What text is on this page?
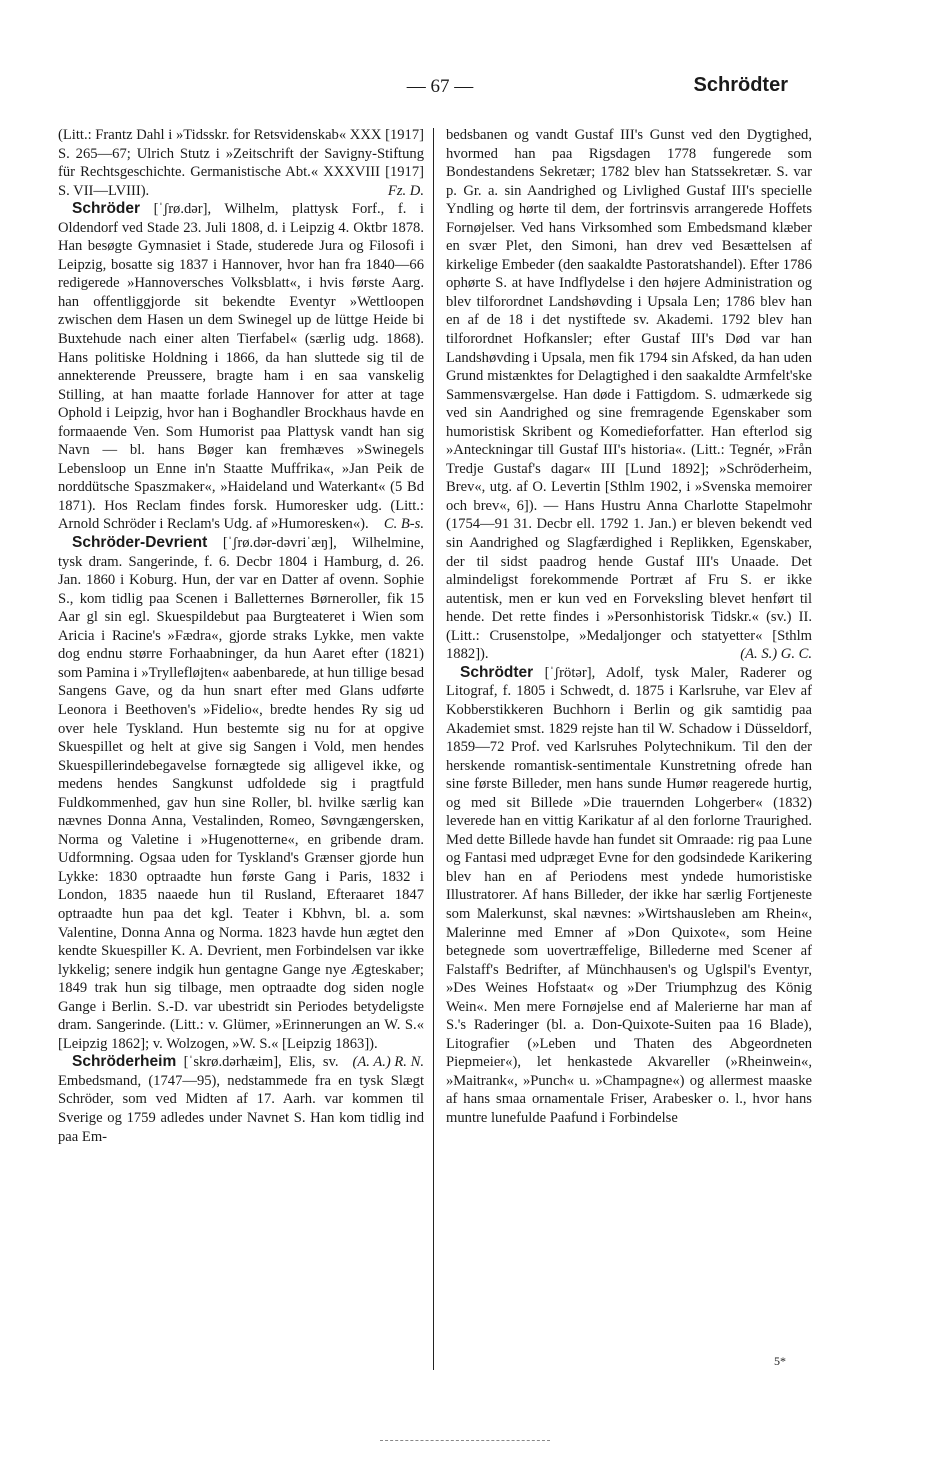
— 67 —	Schrödter

(Litt.: Frantz Dahl i »Tidsskr. for Retsvidenskab« XXX [1917] S. 265—67; Ulrich Stutz i »Zeitschrift der Savigny-Stiftung für Rechtsgeschichte. Germanistische Abt.« XXXVIII [1917] S. VII—LVIII).	Fz. D.

Schröder [ˈʃrø.dər], Wilhelm, plattysk Forf., f. i Oldendorf ved Stade 23. Juli 1808, d. i Leipzig 4. Oktbr 1878. Han besøgte Gymnasiet i Stade, studerede Jura og Filosofi i Leipzig, bosatte sig 1837 i Hannover, hvor han fra 1840—66 redigerede »Hannoversches Volksblatt«, i hvis første Aarg. han offentliggjorde sit bekendte Eventyr »Wettloopen zwischen dem Hasen un dem Swinegel up de lüttge Heide bi Buxtehude nach einer alten Tierfabel« (særlig udg. 1868). Hans politiske Holdning i 1866, da han sluttede sig til de annekterende Preussere, bragte ham i en saa vanskelig Stilling, at han maatte forlade Hannover for atter at tage Ophold i Leipzig, hvor han i Boghandler Brockhaus havde en formaaende Ven. Som Humorist paa Plattysk vandt han sig Navn — bl. hans Bøger kan fremhæves »Swinegels Lebensloop un Enne in'n Staatte Muffrika«, »Jan Peik de norddütsche Spaszmaker«, »Haideland und Waterkant« (5 Bd 1871). Hos Reclam findes forsk. Humoresker udg. (Litt.: Arnold Schröder i Reclam's Udg. af »Humoresken«).	C. B-s.

Schröder-Devrient [ˈʃrø.dər-dəvriˈæŋ], Wilhelmine, tysk dram. Sangerinde, f. 6. Decbr 1804 i Hamburg, d. 26. Jan. 1860 i Koburg. Hun, der var en Datter af ovenn. Sophie S., kom tidlig paa Scenen i Balletternes Børneroller, fik 15 Aar gl sin egl. Skuespildebut paa Burgteateret i Wien som Aricia i Racine's »Fædra«, gjorde straks Lykke, men vakte dog endnu større Forhaabninger, da hun Aaret efter (1821) som Pamina i »Tryllefløjten« aabenbarede, at hun tillige besad Sangens Gave, og da hun snart efter med Glans udførte Leonora i Beethoven's »Fidelio«, bredte hendes Ry sig ud over hele Tyskland. Hun bestemte sig nu for at opgive Skuespillet og helt at give sig Sangen i Vold, men hendes Skuespillerindebegavelse fornægtede sig alligevel ikke, og medens hendes Sangkunst udfoldede sig i pragtfuld Fuldkommenhed, gav hun sine Roller, bl. hvilke særlig kan nævnes Donna Anna, Vestalinden, Romeo, Søvngængersken, Norma og Valetine i »Hugenotterne«, en gribende dram. Udformning. Ogsaa uden for Tyskland's Grænser gjorde hun Lykke: 1830 optraadte hun første Gang i Paris, 1832 i London, 1835 naaede hun til Rusland, Efteraaret 1847 optraadte hun paa det kgl. Teater i Kbhvn, bl. a. som Valentine, Donna Anna og Norma. 1823 havde hun ægtet den kendte Skuespiller K. A. Devrient, men Forbindelsen var ikke lykkelig; senere indgik hun gentagne Gange nye Ægteskaber; 1849 trak hun sig tilbage, men optraadte dog siden nogle Gange i Berlin. S.-D. var ubestridt sin Periodes betydeligste dram. Sangerinde. (Litt.: v. Glümer, »Erinnerungen an W. S.« [Leipzig 1862]; v. Wolzogen, »W. S.« [Leipzig 1863]).
(A. A.) R. N.

Schröderheim [ˈskrø.dərhæim], Elis, sv. Embedsmand, (1747—95), nedstammede fra en tysk Slægt Schröder, som ved Midten af 17. Aarh. var kommen til Sverige og 1759 adledes under Navnet S. Han kom tidlig ind paa Em-

bedsbanen og vandt Gustaf III's Gunst ved den Dygtighed, hvormed han paa Rigsdagen 1778 fungerede som Bondestandens Sekretær; 1782 blev han Statssekretær. S. var p. Gr. a. sin Aandrighed og Livlighed Gustaf III's specielle Yndling og hørte til dem, der fortrinsvis arrangerede Hoffets Fornøjelser. Ved hans Virksomhed som Embedsmand klæber en svær Plet, den Simoni, han drev ved Besættelsen af kirkelige Embeder (den saakaldte Pastoratshandel). Efter 1786 ophørte S. at have Indflydelse i den højere Administration og blev tilforordnet Landshøvding i Upsala Len; 1786 blev han en af de 18 i det nystiftede sv. Akademi. 1792 blev han tilforordnet Hofkansler; efter Gustaf III's Død var han Landshøvding i Upsala, men fik 1794 sin Afsked, da han uden Grund mistænktes for Delagtighed i den saakaldte Armfelt'ske Sammensværgelse. Han døde i Fattigdom. S. udmærkede sig ved sin Aandrighed og sine fremragende Egenskaber som humoristisk Skribent og Komedieforfatter. Han efterlod sig »Anteckningar till Gustaf III's historia«. (Litt.: Tegnér, »Från Tredje Gustaf's dagar« III [Lund 1892]; »Schröderheim, Brev«, utg. af O. Levertin [Sthlm 1902, i »Svenska memoirer och brev«, 6]). — Hans Hustru Anna Charlotte Stapelmohr (1754—91 31. Decbr ell. 1792 1. Jan.) er bleven bekendt ved sin Aandrighed og Slagfærdighed i Replikken, Egenskaber, der til sidst paadrog hende Gustaf III's Unaade. Det almindeligst forekommende Portræt af Fru S. er ikke autentisk, men er kun ved en Forveksling blevet henført til hende. Det rette findes i »Personhistorisk Tidskr.« (sv.) II. (Litt.: Crusenstolpe, »Medaljonger och statyetter« [Sthlm 1882]).	(A. S.) G. C.

Schrödter [ˈʃrötər], Adolf, tysk Maler, Raderer og Litograf, f. 1805 i Schwedt, d. 1875 i Karlsruhe, var Elev af Kobberstikkeren Buchhorn i Berlin og gik samtidig paa Akademiet smst. 1829 rejste han til W. Schadow i Düsseldorf, 1859—72 Prof. ved Karlsruhes Polytechnikum. Til den der herskende romantisk-sentimentale Kunstretning ofrede han sine første Billeder, men hans sunde Humør reagerede hurtig, og med sit Billede »Die trauernden Lohgerber« (1832) leverede han en vittig Karikatur af al den forlorne Traurighed. Med dette Billede havde han fundet sit Omraade: rig paa Lune og Fantasi med udpræget Evne for den godsindede Karikering blev han en af Periodens mest yndede humoristiske Illustratorer. Af hans Billeder, der ikke har særlig Fortjeneste som Malerkunst, skal nævnes: »Wirtshausleben am Rhein«, Malerinne med Emner af »Don Quixote«, som Heine betegnede som uovertræffelige, Billederne med Scener af Falstaff's Bedrifter, af Münchhausen's og Uglspil's Eventyr, »Des Weines Hofstaat« og »Der Triumphzug des König Wein«. Men mere Fornøjelse end af Malerierne har man af S.'s Raderinger (bl. a. Don-Quixote-Suiten paa 16 Blade), Litografier (»Leben und Thaten des Abgeordneten Piepmeier«), let henkastede Akvareller (»Rheinwein«, »Maitrank«, »Punch« u. »Champagne«) og allermest maaske af hans smaa ornamentale Friser, Arabesker o. l., hvor hans muntre lunefulde Paafund i Forbindelse

5*
